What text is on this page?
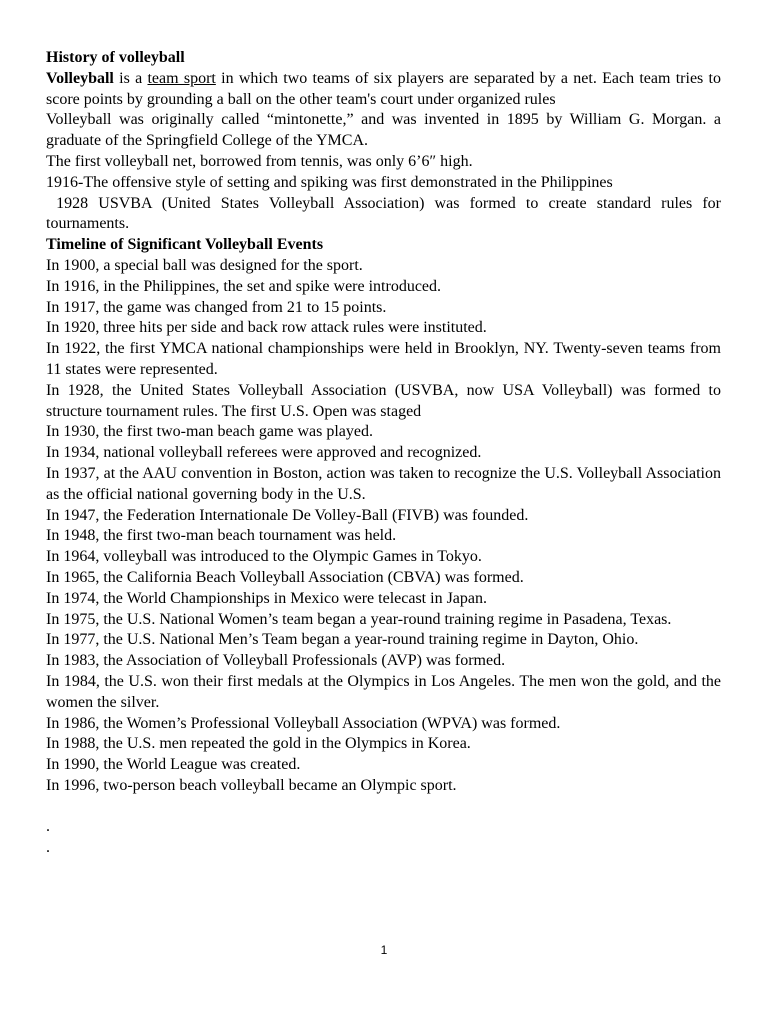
History of volleyball

Volleyball is a team sport in which two teams of six players are separated by a net. Each team tries to score points by grounding a ball on the other team's court under organized rules

Volleyball was originally called “mintonette,” and was invented in 1895 by William G. Morgan. a graduate of the Springfield College of the YMCA.

The first volleyball net, borrowed from tennis, was only 6’6″ high.

1916-The offensive style of setting and spiking was first demonstrated in the Philippines

1928 USVBA (United States Volleyball Association) was formed to create standard rules for tournaments.

Timeline of Significant Volleyball Events

In 1900, a special ball was designed for the sport.

In 1916, in the Philippines, the set and spike were introduced.

In 1917, the game was changed from 21 to 15 points.

In 1920, three hits per side and back row attack rules were instituted.

In 1922, the first YMCA national championships were held in Brooklyn, NY. Twenty-seven teams from 11 states were represented.

In 1928, the United States Volleyball Association (USVBA, now USA Volleyball) was formed to structure tournament rules. The first U.S. Open was staged

In 1930, the first two-man beach game was played.

In 1934, national volleyball referees were approved and recognized.

In 1937, at the AAU convention in Boston, action was taken to recognize the U.S. Volleyball Association as the official national governing body in the U.S.

In 1947, the Federation Internationale De Volley-Ball (FIVB) was founded.

In 1948, the first two-man beach tournament was held.

In 1964, volleyball was introduced to the Olympic Games in Tokyo.

In 1965, the California Beach Volleyball Association (CBVA) was formed.

In 1974, the World Championships in Mexico were telecast in Japan.

In 1975, the U.S. National Women’s team began a year-round training regime in Pasadena, Texas.

In 1977, the U.S. National Men’s Team began a year-round training regime in Dayton, Ohio.

In 1983, the Association of Volleyball Professionals (AVP) was formed.

In 1984, the U.S. won their first medals at the Olympics in Los Angeles. The men won the gold, and the women the silver.

In 1986, the Women’s Professional Volleyball Association (WPVA) was formed.

In 1988, the U.S. men repeated the gold in the Olympics in Korea.

In 1990, the World League was created.

In 1996, two-person beach volleyball became an Olympic sport.

.

.

1
